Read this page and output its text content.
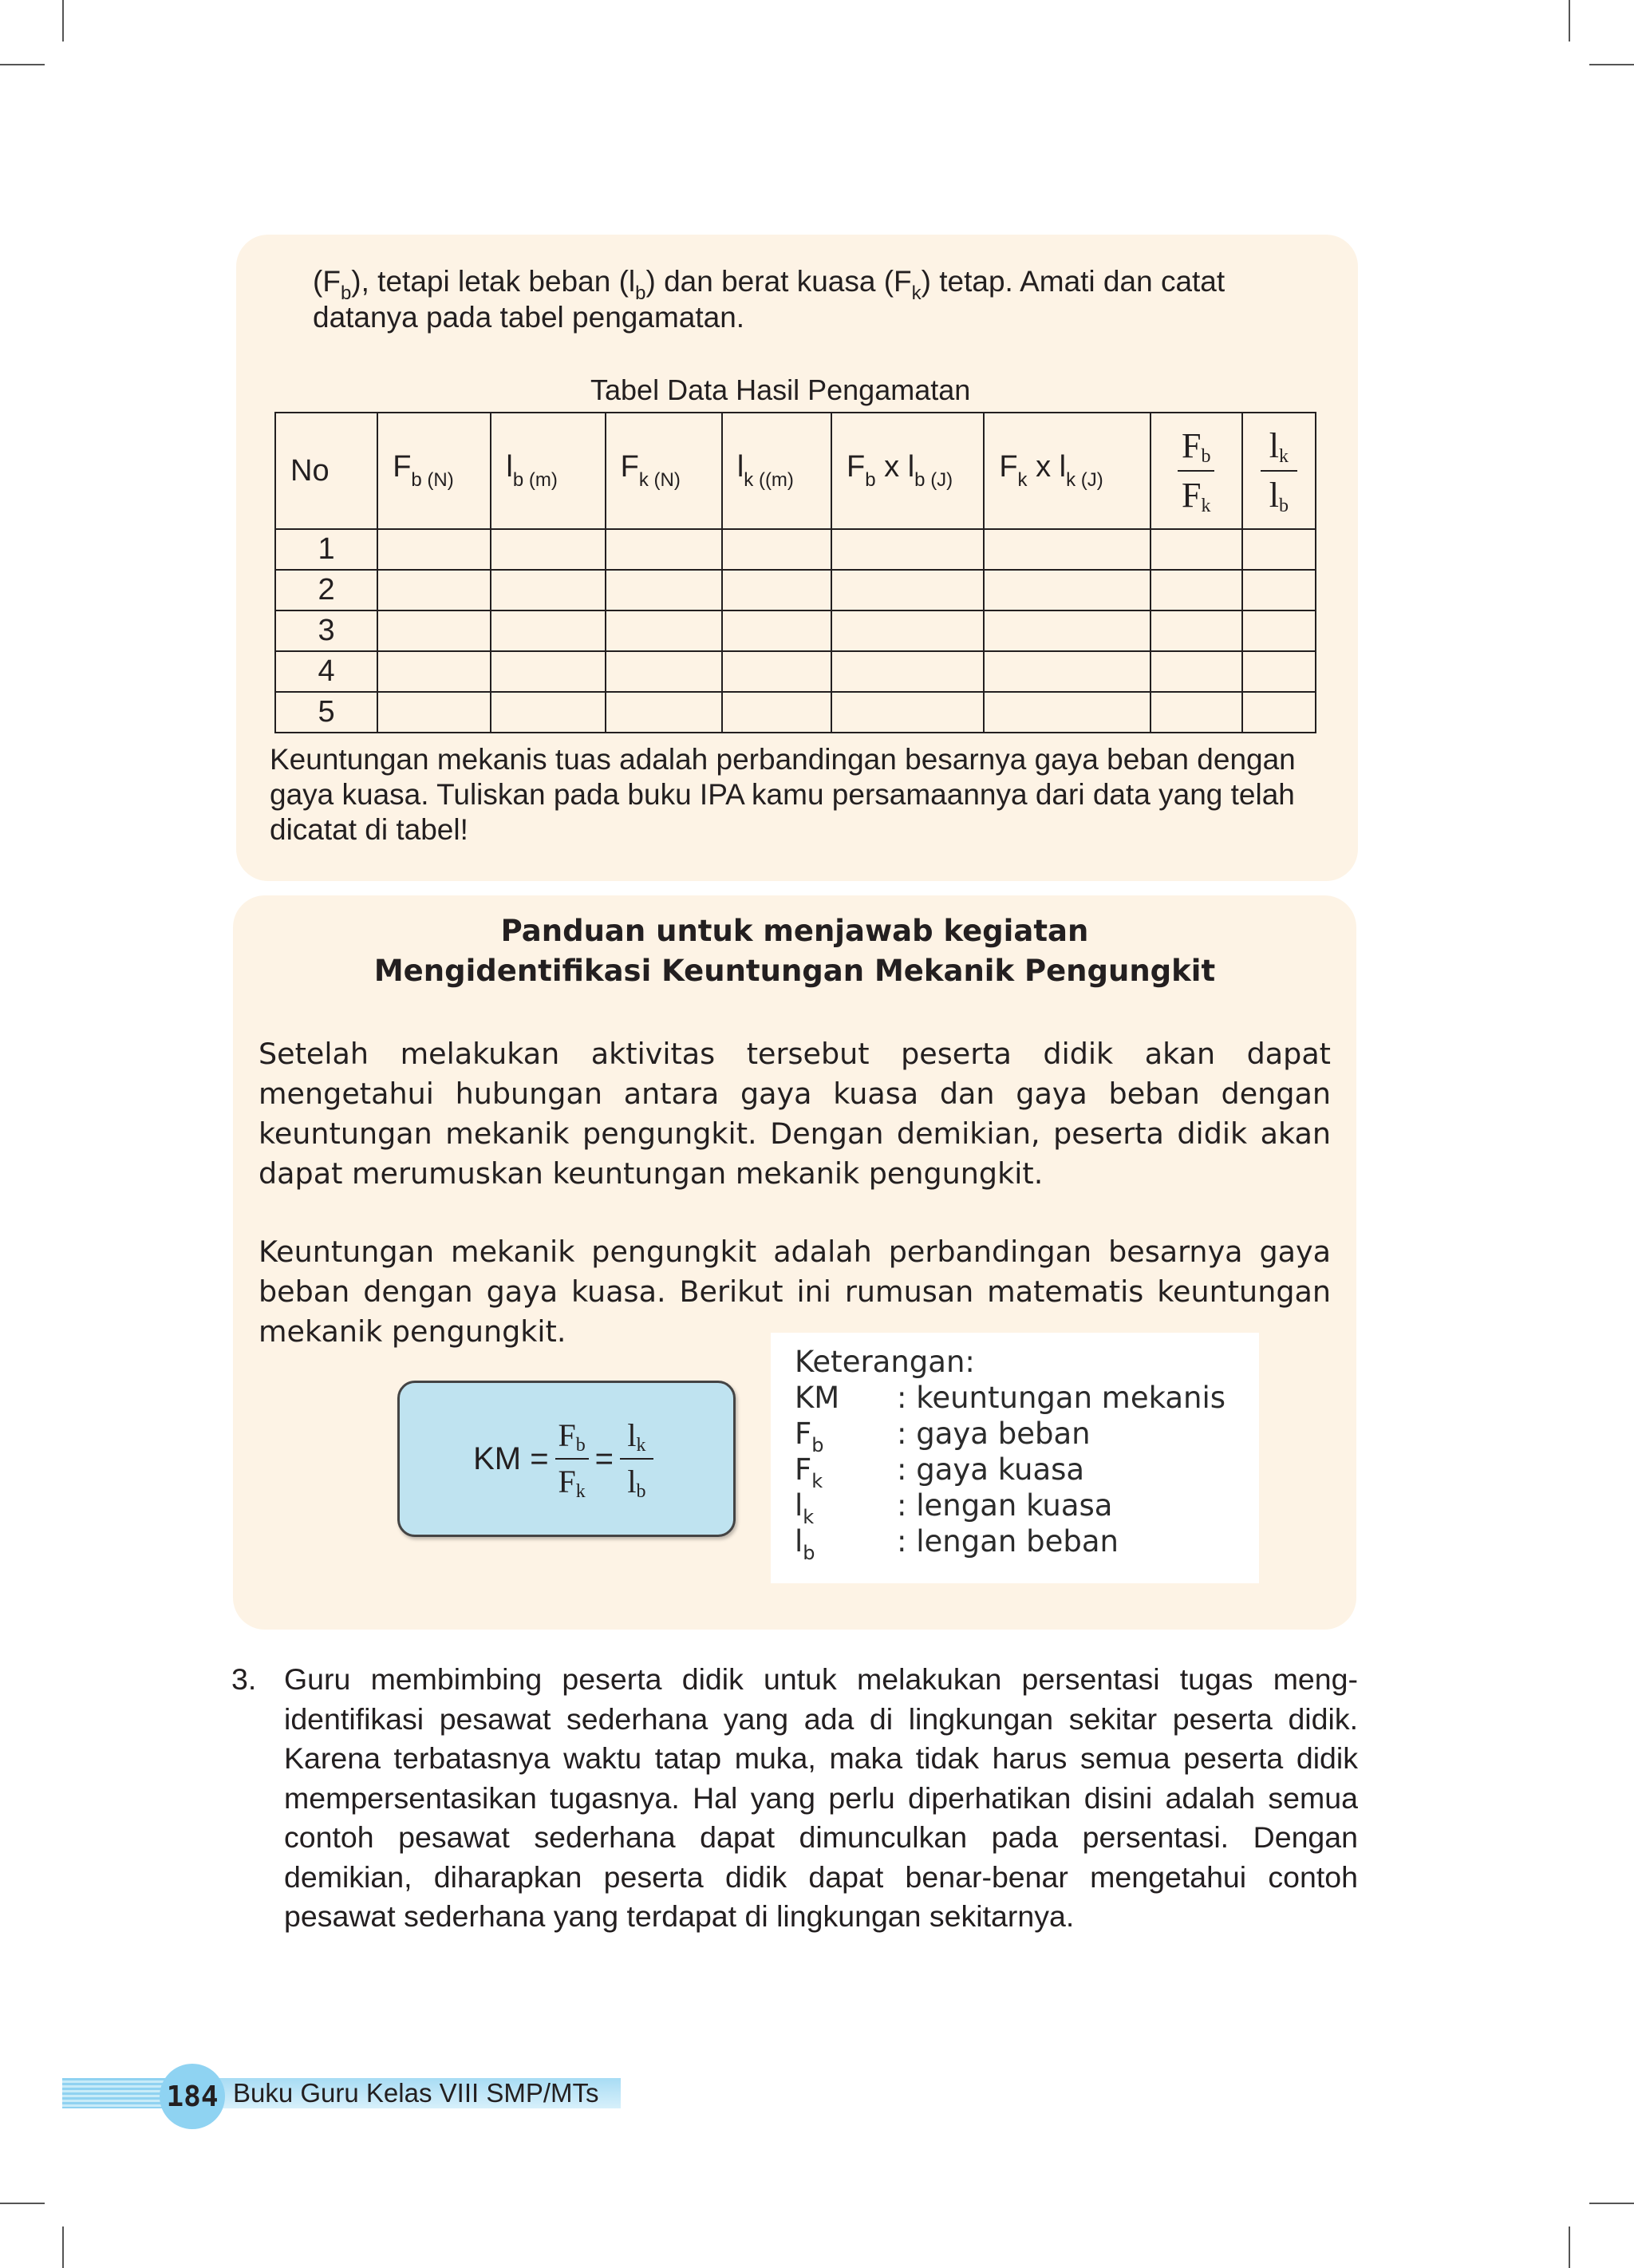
$(F_b)$, tetapi letak beban $(l_b)$ dan berat kuasa $(F_k)$ tetap. Amati dan catat
datanya pada tabel pengamatan.
Tabel Data Hasil Pengamatan
No	$F_{b (N)}$	$l_{b (m)}$	$F_{k (N)}$	$l_{k ((m)}$	$F_b$ x $l_{b (J)}$	$F_k$ x $l_{k (J)}$	$\frac{F_b}{F_k}$	$\frac{l_k}{l_b}$

1								
2								
3								
4								
5								
Keuntungan mekanis tuas adalah perbandingan besarnya gaya beban dengan gaya kuasa. Tuliskan pada buku IPA kamu persamaannya dari data yang telah dicatat di tabel!
Panduan untuk menjawab kegiatan
Mengidentifikasi Keuntungan Mekanik Pengungkit
Setelah melakukan aktivitas tersebut peserta didik akan dapat mengetahui hubungan antara gaya kuasa dan gaya beban dengan keuntungan mekanik pengungkit. Dengan demikian, peserta didik akan dapat merumuskan keuntungan mekanik pengungkit.
Keuntungan mekanik pengungkit adalah perbandingan besarnya gaya beban dengan gaya kuasa. Berikut ini rumusan matematis keuntungan mekanik pengungkit.
KM = $\frac{F_b}{F_k} = \frac{l_k}{l_b}$
Keterangan:
KM	: keuntungan mekanis
$F_b$	: gaya beban
$F_k$	: gaya kuasa
$l_k$	: lengan kuasa
$l_b$	: lengan beban
3. Guru membimbing peserta didik untuk melakukan persentasi tugas meng-identifikasi pesawat sederhana yang ada di lingkungan sekitar peserta didik. Karena terbatasnya waktu tatap muka, maka tidak harus semua peserta didik mempersentasikan tugasnya. Hal yang perlu diperhatikan disini adalah semua contoh pesawat sederhana dapat dimunculkan pada persentasi. Dengan demikian, diharapkan peserta didik dapat benar-benar mengetahui contoh pesawat sederhana yang terdapat di lingkungan sekitarnya.
184 Buku Guru Kelas VIII SMP/MTs
